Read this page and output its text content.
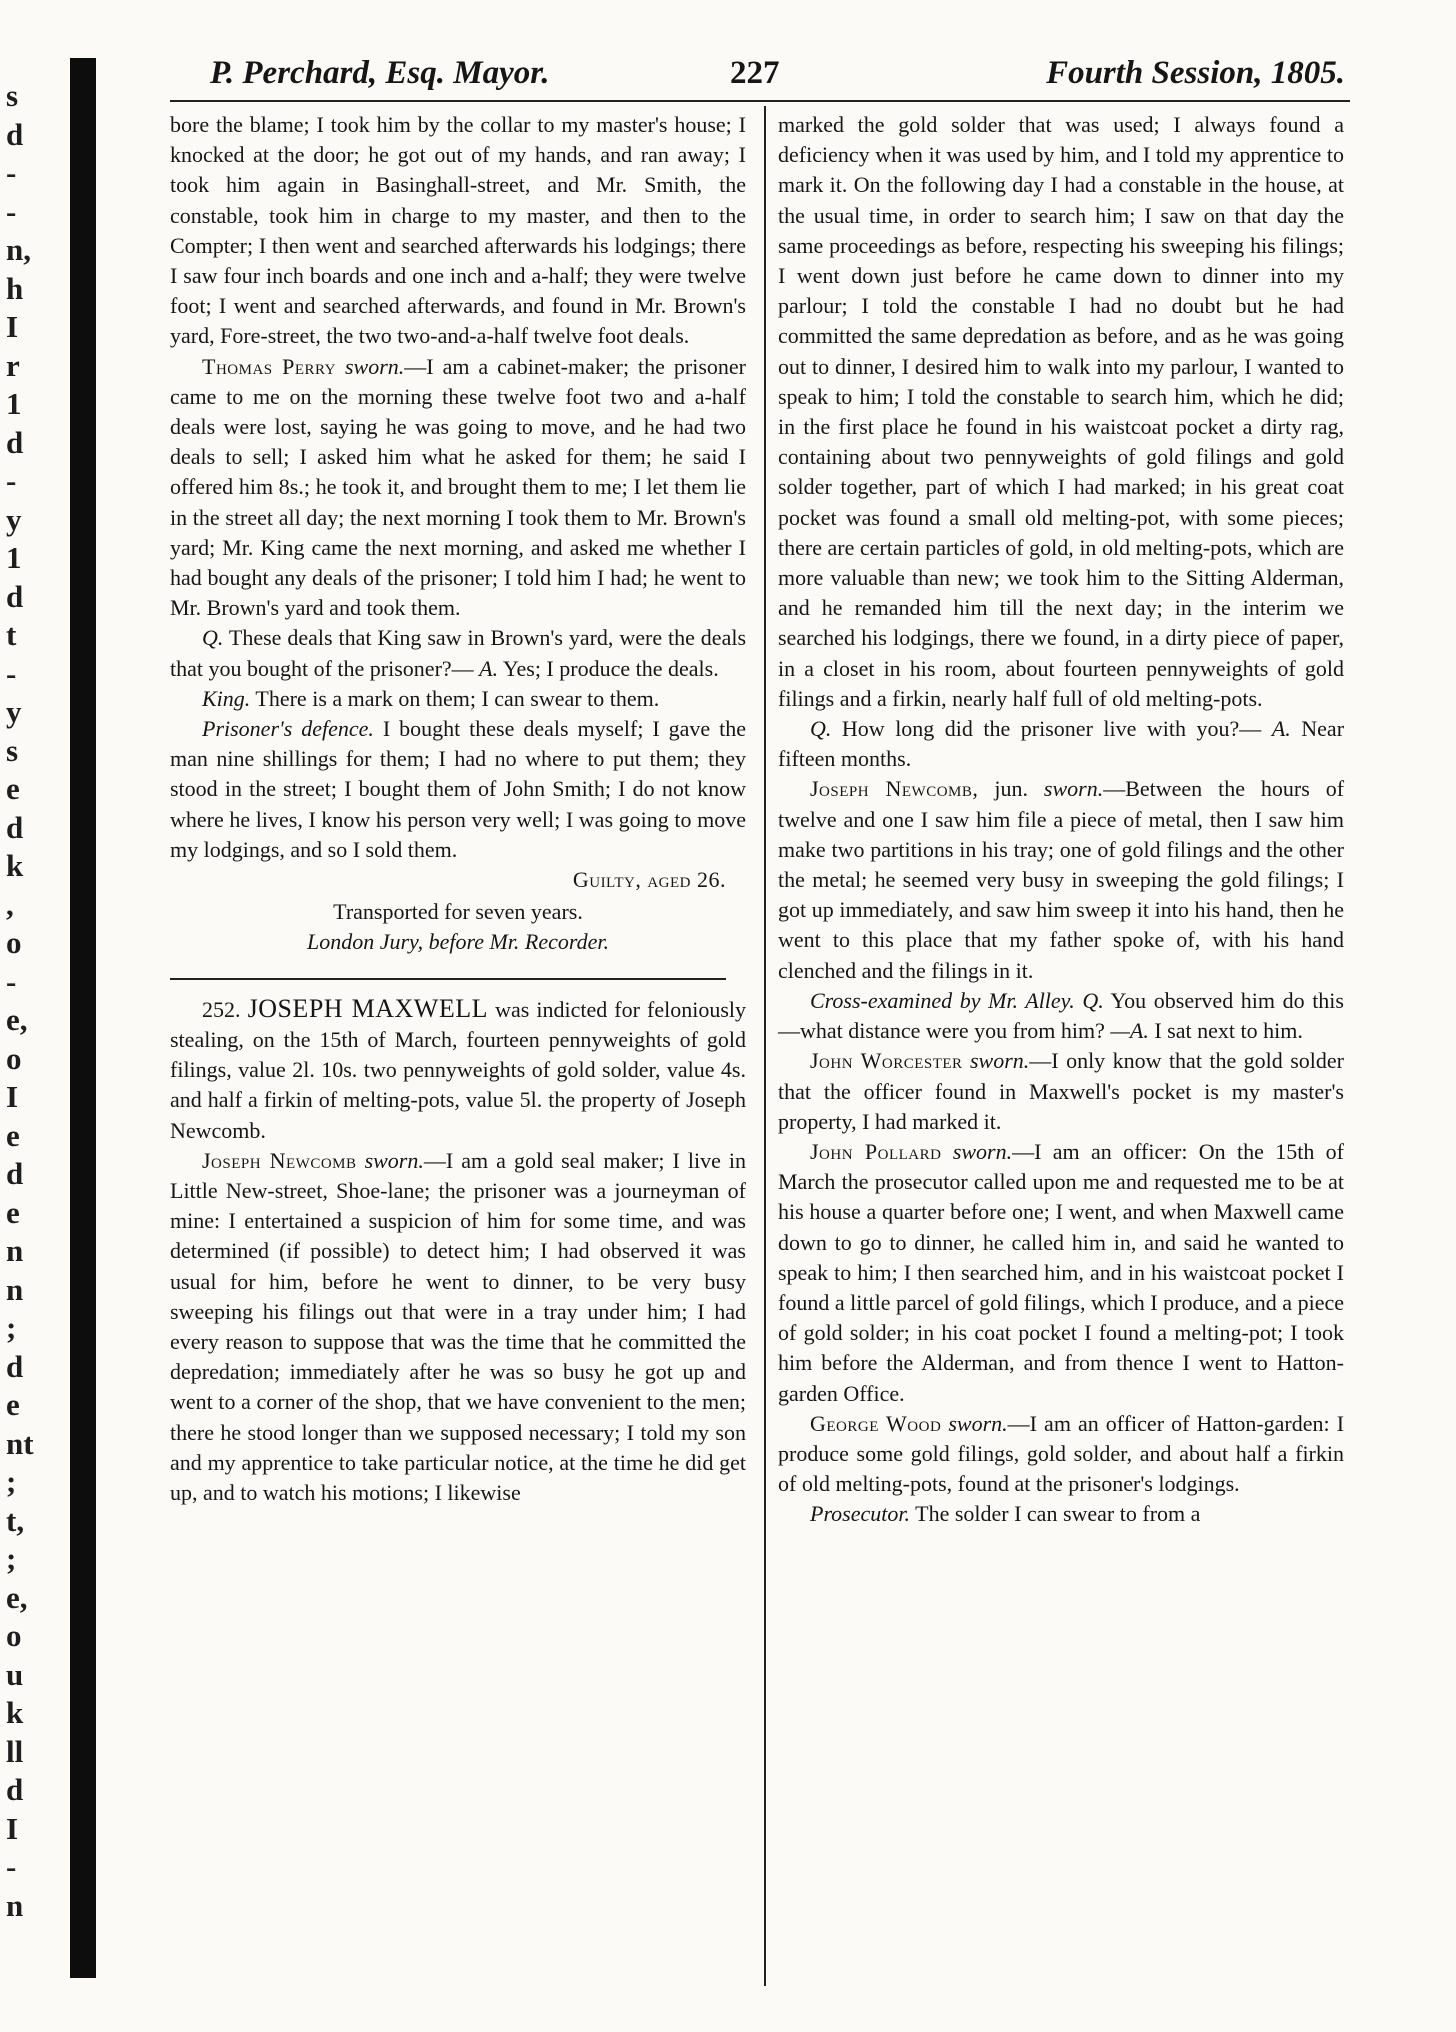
s
d
-
-
n,
h
I
r
1
d
-
y
1
d
t
-
y
s
e
d
k
,
o
-
e,
o
I
e
d
e
n
n
;
d
e
nt
;
t,
;
e,
o
u
k
ll
d
I
-
n
P. Perchard, Esq. Mayor.	227	Fourth Session, 1805.

bore the blame; I took him by the collar to my master's house; I knocked at the door; he got out of my hands, and ran away; I took him again in Basinghall-street, and Mr. Smith, the constable, took him in charge to my master, and then to the Compter; I then went and searched afterwards his lodgings; there I saw four inch boards and one inch and a-half; they were twelve foot; I went and searched afterwards, and found in Mr. Brown's yard, Fore-street, the two two-and-a-half twelve foot deals.

Thomas Perry sworn.—I am a cabinet-maker; the prisoner came to me on the morning these twelve foot two and a-half deals were lost, saying he was going to move, and he had two deals to sell; I asked him what he asked for them; he said I offered him 8s.; he took it, and brought them to me; I let them lie in the street all day; the next morning I took them to Mr. Brown's yard; Mr. King came the next morning, and asked me whether I had bought any deals of the prisoner; I told him I had; he went to Mr. Brown's yard and took them.

Q. These deals that King saw in Brown's yard, were the deals that you bought of the prisoner?— A. Yes; I produce the deals.

King. There is a mark on them; I can swear to them.

Prisoner's defence. I bought these deals myself; I gave the man nine shillings for them; I had no where to put them; they stood in the street; I bought them of John Smith; I do not know where he lives, I know his person very well; I was going to move my lodgings, and so I sold them.

Guilty, aged 26.

Transported for seven years.

London Jury, before Mr. Recorder.

252. JOSEPH MAXWELL was indicted for feloniously stealing, on the 15th of March, fourteen pennyweights of gold filings, value 2l. 10s. two pennyweights of gold solder, value 4s. and half a firkin of melting-pots, value 5l. the property of Joseph Newcomb.

Joseph Newcomb sworn.—I am a gold seal maker; I live in Little New-street, Shoe-lane; the prisoner was a journeyman of mine: I entertained a suspicion of him for some time, and was determined (if possible) to detect him; I had observed it was usual for him, before he went to dinner, to be very busy sweeping his filings out that were in a tray under him; I had every reason to suppose that was the time that he committed the depredation; immediately after he was so busy he got up and went to a corner of the shop, that we have convenient to the men; there he stood longer than we supposed necessary; I told my son and my apprentice to take particular notice, at the time he did get up, and to watch his motions; I likewise

marked the gold solder that was used; I always found a deficiency when it was used by him, and I told my apprentice to mark it. On the following day I had a constable in the house, at the usual time, in order to search him; I saw on that day the same proceedings as before, respecting his sweeping his filings; I went down just before he came down to dinner into my parlour; I told the constable I had no doubt but he had committed the same depredation as before, and as he was going out to dinner, I desired him to walk into my parlour, I wanted to speak to him; I told the constable to search him, which he did; in the first place he found in his waistcoat pocket a dirty rag, containing about two pennyweights of gold filings and gold solder together, part of which I had marked; in his great coat pocket was found a small old melting-pot, with some pieces; there are certain particles of gold, in old melting-pots, which are more valuable than new; we took him to the Sitting Alderman, and he remanded him till the next day; in the interim we searched his lodgings, there we found, in a dirty piece of paper, in a closet in his room, about fourteen pennyweights of gold filings and a firkin, nearly half full of old melting-pots.

Q. How long did the prisoner live with you?— A. Near fifteen months.

Joseph Newcomb, jun. sworn.—Between the hours of twelve and one I saw him file a piece of metal, then I saw him make two partitions in his tray; one of gold filings and the other the metal; he seemed very busy in sweeping the gold filings; I got up immediately, and saw him sweep it into his hand, then he went to this place that my father spoke of, with his hand clenched and the filings in it.

Cross-examined by Mr. Alley. Q. You observed him do this—what distance were you from him? —A. I sat next to him.

John Worcester sworn.—I only know that the gold solder that the officer found in Maxwell's pocket is my master's property, I had marked it.

John Pollard sworn.—I am an officer: On the 15th of March the prosecutor called upon me and requested me to be at his house a quarter before one; I went, and when Maxwell came down to go to dinner, he called him in, and said he wanted to speak to him; I then searched him, and in his waistcoat pocket I found a little parcel of gold filings, which I produce, and a piece of gold solder; in his coat pocket I found a melting-pot; I took him before the Alderman, and from thence I went to Hatton-garden Office.

George Wood sworn.—I am an officer of Hatton-garden: I produce some gold filings, gold solder, and about half a firkin of old melting-pots, found at the prisoner's lodgings.

Prosecutor. The solder I can swear to from a
